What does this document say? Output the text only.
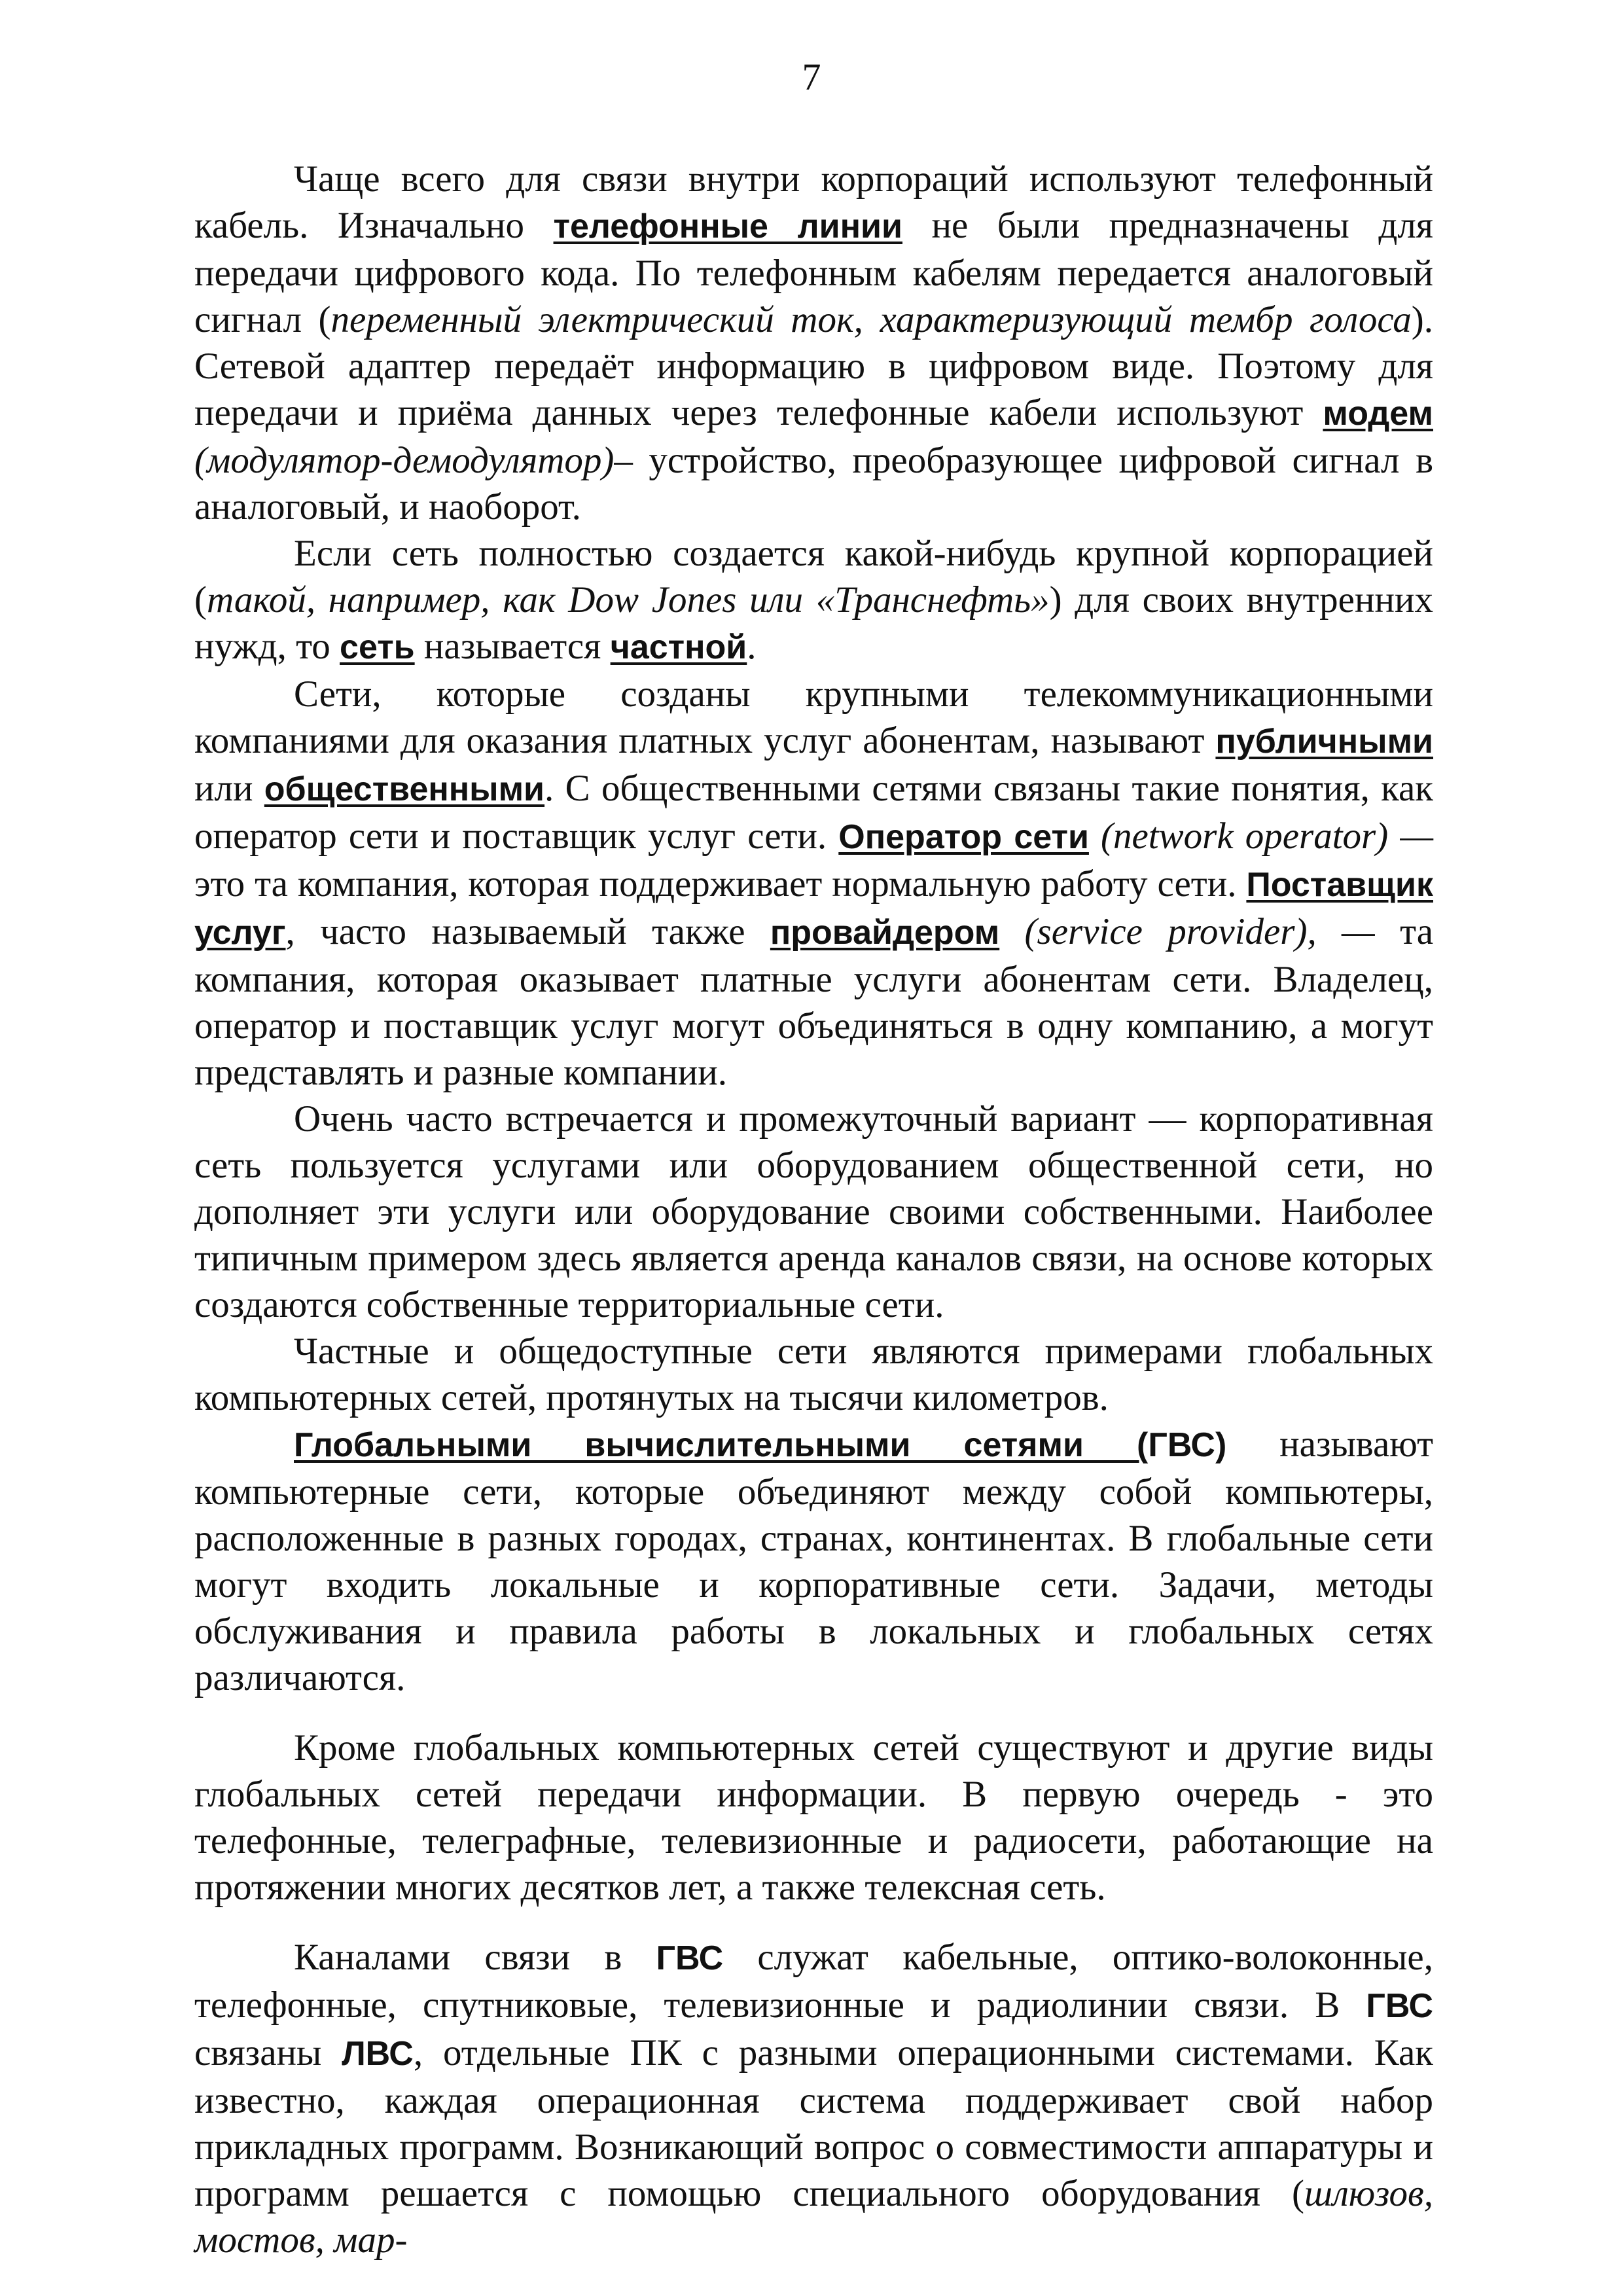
7

Чаще всего для связи внутри корпораций используют телефонный кабель. Изначально телефонные линии не были предназначены для передачи цифрового кода. По телефонным кабелям передается аналоговый сигнал (переменный электрический ток, характеризующий тембр голоса). Сетевой адаптер передаёт информацию в цифровом виде. Поэтому для передачи и приёма данных через телефонные кабели используют модем (модулятор-демодулятор)– устройство, преобразующее цифровой сигнал в аналоговый, и наоборот.

Если сеть полностью создается какой-нибудь крупной корпорацией (такой, например, как Dow Jones или «Транснефть») для своих внутренних нужд, то сеть называется частной.

Сети, которые созданы крупными телекоммуникационными компаниями для оказания платных услуг абонентам, называют публичными или общественными. С общественными сетями связаны такие понятия, как оператор сети и поставщик услуг сети. Оператор сети (network operator) — это та компания, которая поддерживает нормальную работу сети. Поставщик услуг, часто называемый также провайдером (service provider), — та компания, которая оказывает платные услуги абонентам сети. Владелец, оператор и поставщик услуг могут объединяться в одну компанию, а могут представлять и разные компании.

Очень часто встречается и промежуточный вариант — корпоративная сеть пользуется услугами или оборудованием общественной сети, но дополняет эти услуги или оборудование своими собственными. Наиболее типичным примером здесь является аренда каналов связи, на основе которых создаются собственные территориальные сети.

Частные и общедоступные сети являются примерами глобальных компьютерных сетей, протянутых на тысячи километров.

Глобальными вычислительными сетями (ГВС) называют компьютерные сети, которые объединяют между собой компьютеры, расположенные в разных городах, странах, континентах. В глобальные сети могут входить локальные и корпоративные сети. Задачи, методы обслуживания и правила работы в локальных и глобальных сетях различаются.

Кроме глобальных компьютерных сетей существуют и другие виды глобальных сетей передачи информации. В первую очередь - это телефонные, телеграфные, телевизионные и радиосети, работающие на протяжении многих десятков лет, а также телексная сеть.

Каналами связи в ГВС служат кабельные, оптико-волоконные, телефонные, спутниковые, телевизионные и радиолинии связи. В ГВС связаны ЛВС, отдельные ПК с разными операционными системами. Как известно, каждая операционная система поддерживает свой набор прикладных программ. Возникающий вопрос о совместимости аппаратуры и программ решается с помощью специального оборудования (шлюзов, мостов, мар-
